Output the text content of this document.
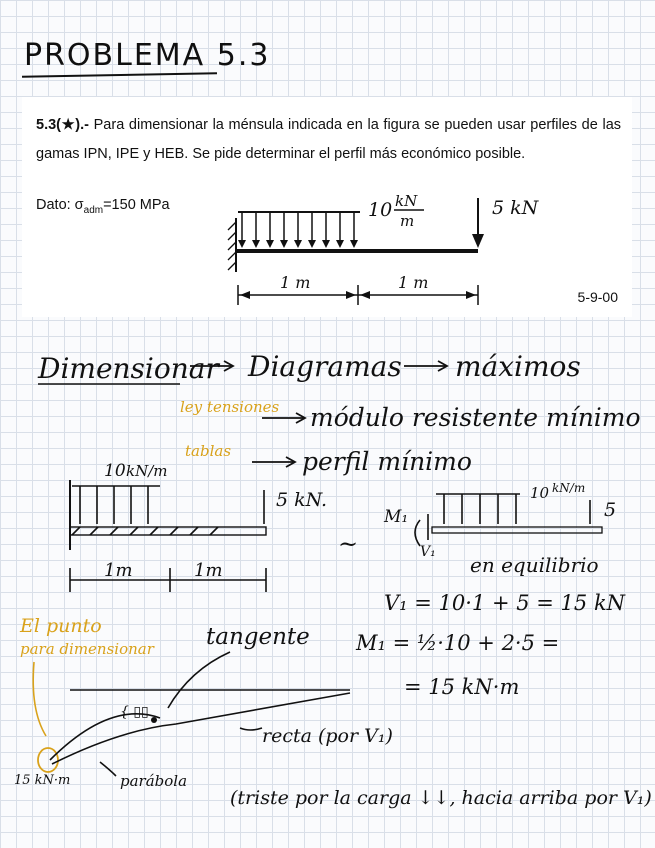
PROBLEMA 5.3
5.3(★).- Para dimensionar la ménsula indicada en la figura se pueden usar perfiles de las gamas IPN, IPE y HEB. Se pide determinar el perfil más económico posible.
Dato: $\sigma_{adm}=150$ MPa
5-9-00
10 kN
m
5 kN
1 m	1 m
Dimensionar Diagramas máximos
ley tensiones módulo resistente mínimo
tablas	perfil mínimo
10 kN/m
5 kN.
1m	1m
~
M₁
V₁
10 kN/m
5
en equilibrio
V₁ = 10·1 + 5 = 15 kN
M₁ = ½·10 + 2·5 =
= 15 kN·m
El punto
para dimensionar tangente
{ ▯▯
recta (por V₁)
parábola
15 kN·m
(triste por la carga ↓↓, hacia arriba por V₁)
